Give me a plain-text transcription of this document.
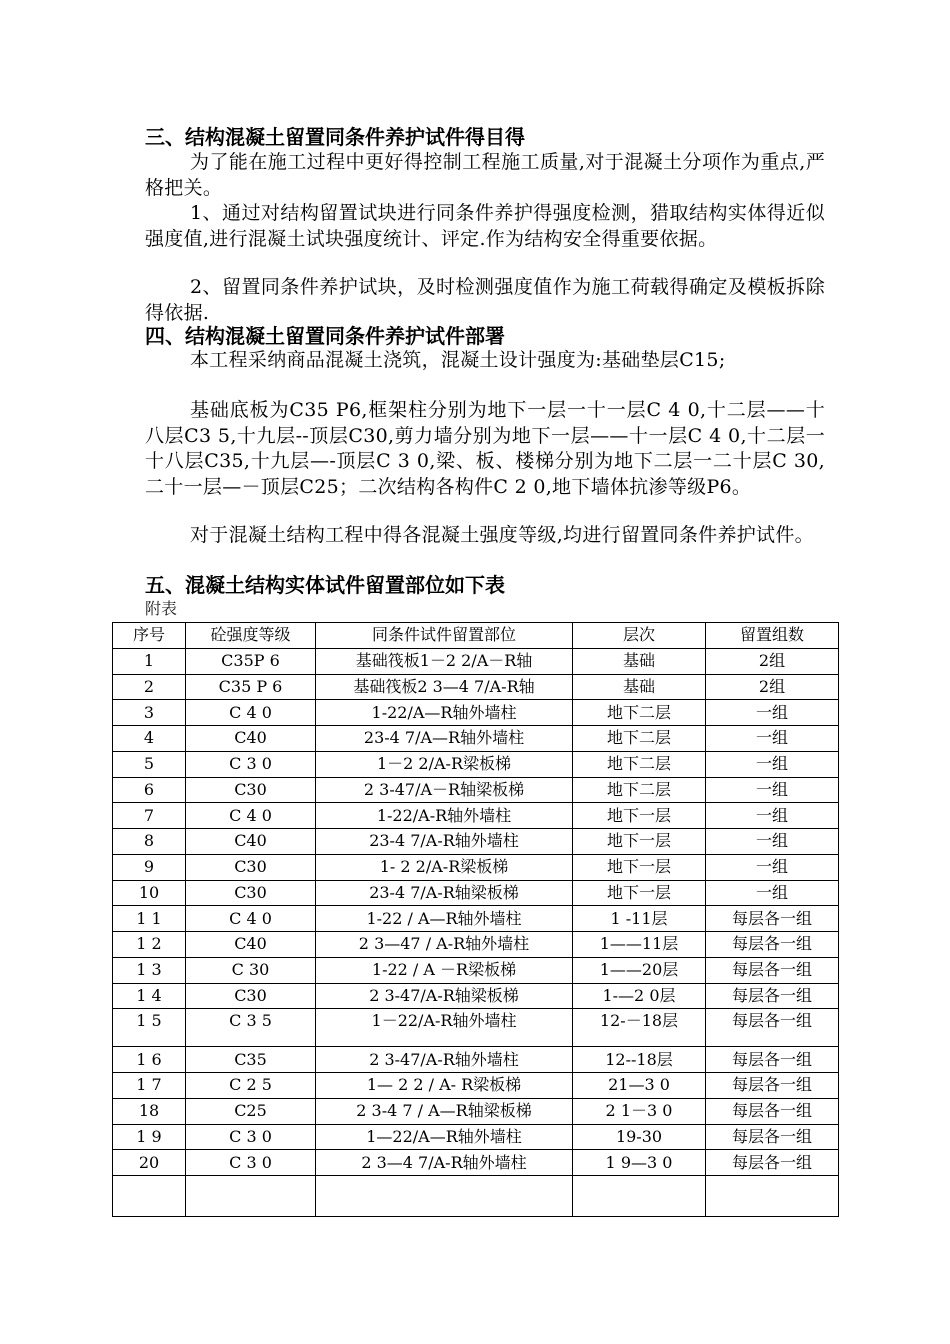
三、结构混凝土留置同条件养护试件得目得
为了能在施工过程中更好得控制工程施工质量,对于混凝土分项作为重点,严格把关。
1、通过对结构留置试块进行同条件养护得强度检测，猎取结构实体得近似强度值,进行混凝土试块强度统计、评定.作为结构安全得重要依据。
2、留置同条件养护试块，及时检测强度值作为施工荷载得确定及模板拆除得依据.
四、结构混凝土留置同条件养护试件部署
本工程采纳商品混凝土浇筑，混凝土设计强度为:基础垫层C15;
基础底板为C35 P6,框架柱分别为地下一层一十一层C 4 0,十二层——十八层C3 5,十九层--顶层C30,剪力墙分别为地下一层——十一层C 4 0,十二层一十八层C35,十九层—-顶层C 3 0,梁、板、楼梯分别为地下二层一二十层C 30,二十一层—－顶层C25；二次结构各构件C 2 0,地下墙体抗渗等级P6。
对于混凝土结构工程中得各混凝土强度等级,均进行留置同条件养护试件。
五、混凝土结构实体试件留置部位如下表
附表
序号	砼强度等级	同条件试件留置部位	层次	留置组数
1	C35P 6	基础筏板1－2 2/A－R轴	基础	2组
2	C35 P 6	基础筏板2 3—4 7/A-R轴	基础	2组
3	C 4 0	1-22/A—R轴外墙柱	地下二层	一组
4	C40	23-4 7/A—R轴外墙柱	地下二层	一组
5	C 3 0	1－2 2/A-R梁板梯	地下二层	一组
6	C30	2 3-47/A－R轴梁板梯	地下二层	一组
7	C 4 0	1-22/A-R轴外墙柱	地下一层	一组
8	C40	23-4 7/A-R轴外墙柱	地下一层	一组
9	C30	1- 2 2/A-R梁板梯	地下一层	一组
10	C30	23-4 7/A-R轴梁板梯	地下一层	一组
1 1	C 4 0	1-22 / A—R轴外墙柱	1 -11层	每层各一组
1 2	C40	2 3—47 / A-R轴外墙柱	1——11层	每层各一组
1 3	C 30	1-22 / A －R梁板梯	1——20层	每层各一组
1 4	C30	2 3-47/A-R轴梁板梯	1-—2 0层	每层各一组
1 5	C 3 5	1－22/A-R轴外墙柱	12-－18层	每层各一组
1 6	C35	2 3-47/A-R轴外墙柱	12--18层	每层各一组
1 7	C 2 5	1— 2 2 / A- R梁板梯	21—3 0	每层各一组
18	C25	2 3-4 7 / A—R轴梁板梯	2 1－3 0	每层各一组
1 9	C 3 0	1—22/A—R轴外墙柱	19-30	每层各一组
20	C 3 0	2 3—4 7/A-R轴外墙柱	1 9—3 0	每层各一组
